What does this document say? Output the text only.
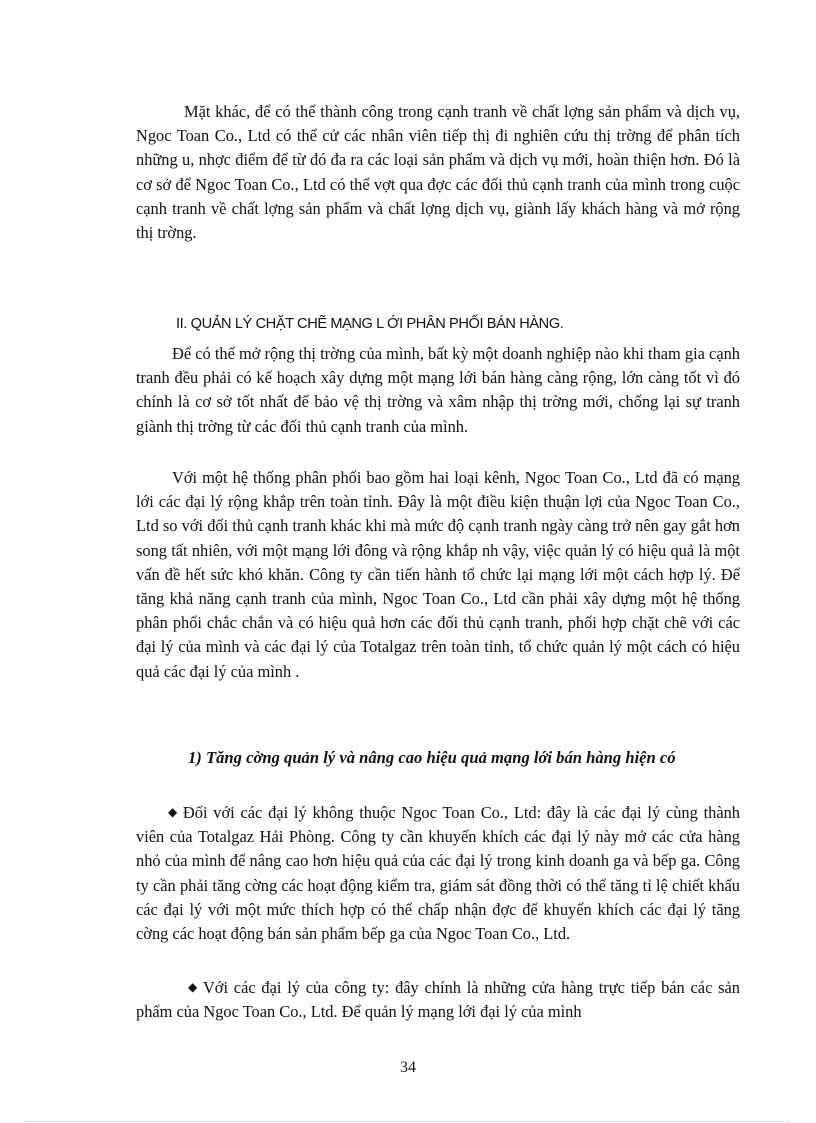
Mặt khác, để có thể thành công trong cạnh tranh về chất lợng sản phẩm và dịch vụ, Ngoc Toan Co., Ltd có thể cử các nhân viên tiếp thị đi nghiên cứu thị trờng để phân tích những u, nhợc điểm để từ đó đa ra các loại sản phẩm và dịch vụ mới, hoàn thiện hơn. Đó là cơ sở để Ngoc Toan Co., Ltd có thể vợt qua đợc các đối thủ cạnh tranh của mình trong cuộc cạnh tranh về chất lợng sản phẩm và chất lợng dịch vụ, giành lấy khách hàng và mở rộng thị trờng.

II. QUẢN LÝ CHẶT CHẼ MẠNG L ỚI PHÂN PHỐI BÁN HÀNG.

Để có thể mở rộng thị trờng của mình, bất kỳ một doanh nghiệp nào khi tham gia cạnh tranh đều phải có kế hoạch xây dựng một mạng lới bán hàng càng rộng, lớn càng tốt vì đó chính là cơ sở tốt nhất để bảo vệ thị trờng và xâm nhập thị trờng mới, chống lại sự tranh giành thị trờng từ các đối thủ cạnh tranh của mình.

Với một hệ thống phân phối bao gồm hai loại kênh, Ngoc Toan Co., Ltd đã có mạng lới các đại lý rộng khắp trên toàn tỉnh. Đây là một điều kiện thuận lợi của Ngoc Toan Co., Ltd so với đối thủ cạnh tranh khác khi mà mức độ cạnh tranh ngày càng trở nên gay gắt hơn song tất nhiên, với một mạng lới đông và rộng khắp nh vậy, việc quản lý có hiệu quả là một vấn đề hết sức khó khăn. Công ty cần tiến hành tổ chức lại mạng lới một cách hợp lý. Để tăng khả năng cạnh tranh của mình, Ngoc Toan Co., Ltd cần phải xây dựng một hệ thống phân phối chắc chắn và có hiệu quả hơn các đối thủ cạnh tranh, phối hợp chặt chẽ với các đại lý của mình và các đại lý của Totalgaz trên toàn tỉnh, tổ chức quản lý một cách có hiệu quả các đại lý của mình .

1) Tăng cờng quản lý và nâng cao hiệu quả mạng lới bán hàng hiện có

◆ Đối với các đại lý không thuộc Ngoc Toan Co., Ltd: đây là các đại lý cùng thành viên của Totalgaz Hải Phòng. Công ty cần khuyến khích các đại lý này mở các cửa hàng nhỏ của mình để nâng cao hơn hiệu quả của các đại lý trong kinh doanh ga và bếp ga. Công ty cần phải tăng cờng các hoạt động kiểm tra, giám sát đồng thời có thể tăng tỉ lệ chiết khấu các đại lý với một mức thích hợp có thể chấp nhận đợc để khuyến khích các đại lý tăng cờng các hoạt động bán sản phẩm bếp ga của Ngoc Toan Co., Ltd.

◆ Với các đại lý của công ty: đây chính là những cửa hàng trực tiếp bán các sản phẩm của Ngoc Toan Co., Ltd. Để quản lý mạng lới đại lý của mình

34
